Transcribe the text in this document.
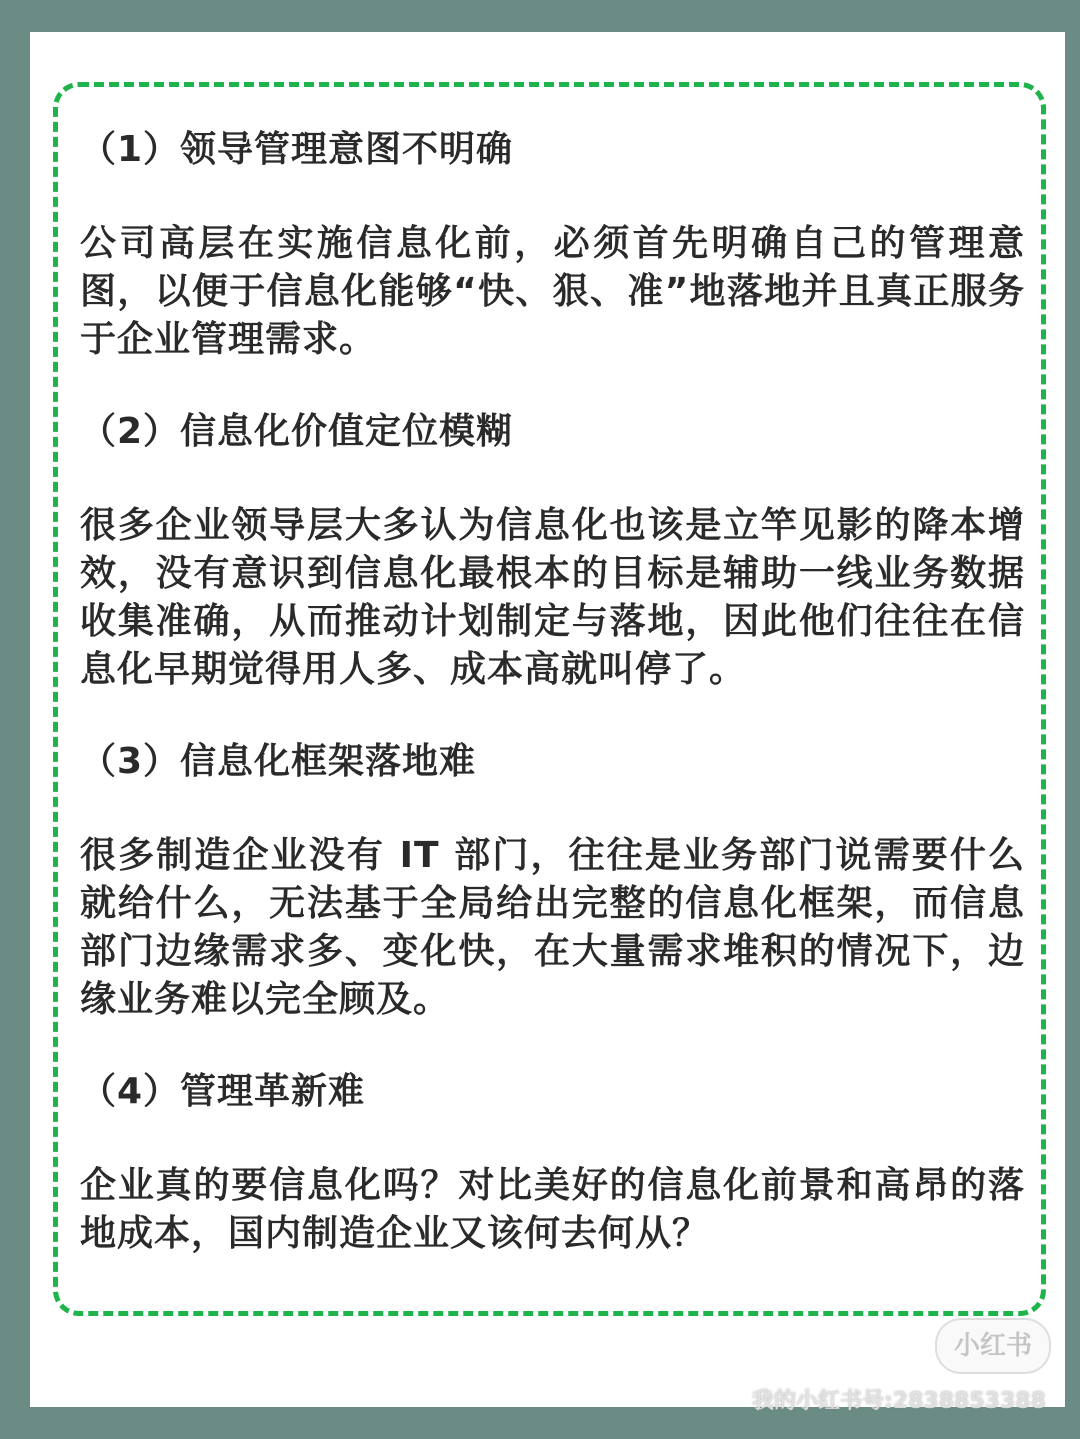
（1）领导管理意图不明确

公司高层在实施信息化前，必须首先明确自己的管理意图，以便于信息化能够“快、狠、准”地落地并且真正服务于企业管理需求。

（2）信息化价值定位模糊

很多企业领导层大多认为信息化也该是立竿见影的降本增效，没有意识到信息化最根本的目标是辅助一线业务数据收集准确，从而推动计划制定与落地，因此他们往往在信息化早期觉得用人多、成本高就叫停了。

（3）信息化框架落地难

很多制造企业没有 IT 部门，往往是业务部门说需要什么就给什么，无法基于全局给出完整的信息化框架，而信息部门边缘需求多、变化快，在大量需求堆积的情况下，边缘业务难以完全顾及。

（4）管理革新难

企业真的要信息化吗？对比美好的信息化前景和高昂的落地成本，国内制造企业又该何去何从？

小红书
我的小红书号:2838853388
